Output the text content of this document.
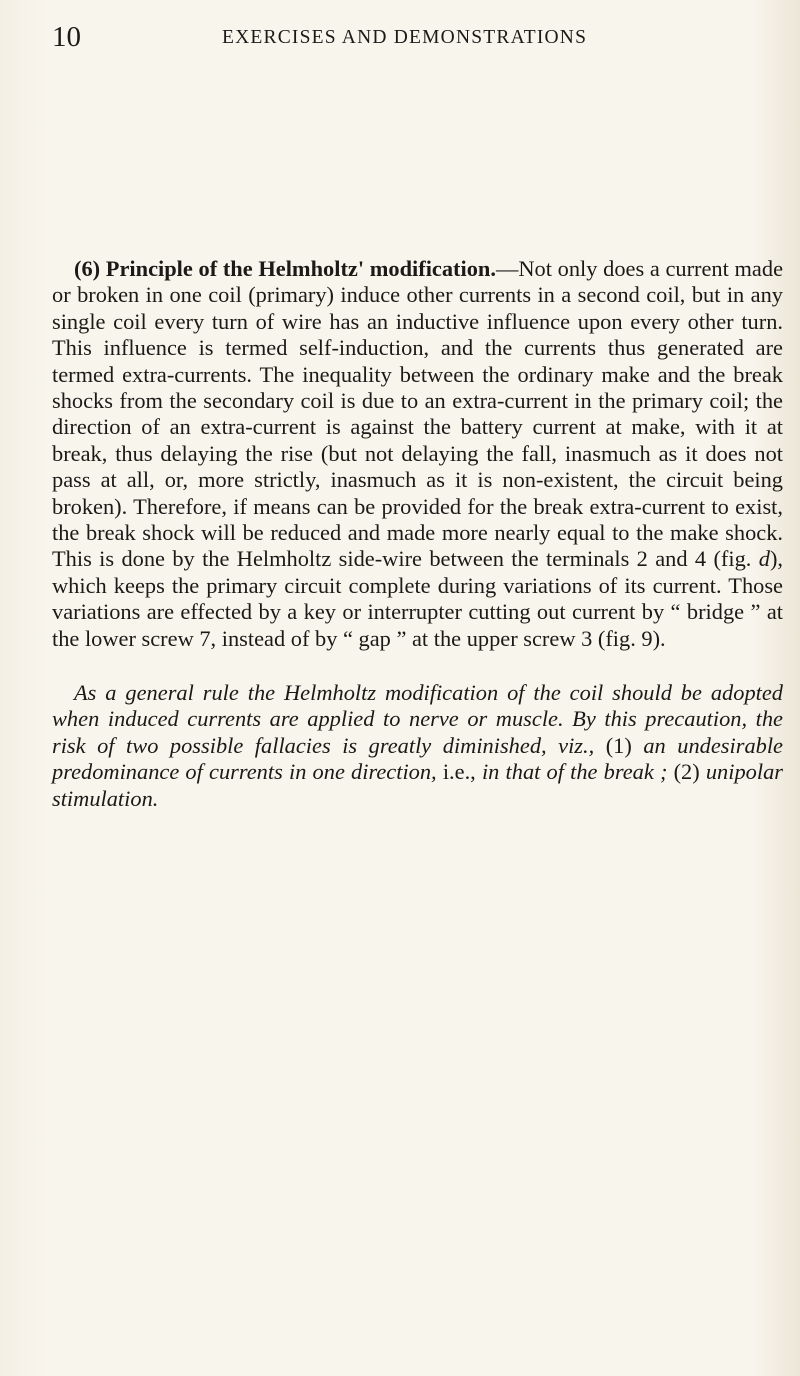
10	EXERCISES AND DEMONSTRATIONS

(6) Principle of the Helmholtz' modification.—Not only does a current made or broken in one coil (primary) induce other currents in a second coil, but in any single coil every turn of wire has an inductive influence upon every other turn. This influence is termed self-induction, and the currents thus generated are termed extra-currents. The inequality between the ordinary make and the break shocks from the secondary coil is due to an extra-current in the primary coil; the direction of an extra-current is against the battery current at make, with it at break, thus delaying the rise (but not delaying the fall, inasmuch as it does not pass at all, or, more strictly, inasmuch as it is non-existent, the circuit being broken). Therefore, if means can be provided for the break extra-current to exist, the break shock will be reduced and made more nearly equal to the make shock. This is done by the Helmholtz side-wire between the terminals 2 and 4 (fig. d), which keeps the primary circuit complete during variations of its current. Those variations are effected by a key or interrupter cutting out current by “ bridge ” at the lower screw 7, instead of by “ gap ” at the upper screw 3 (fig. 9).

As a general rule the Helmholtz modification of the coil should be adopted when induced currents are applied to nerve or muscle. By this precaution, the risk of two possible fallacies is greatly diminished, viz., (1) an undesirable predominance of currents in one direction, i.e., in that of the break ; (2) unipolar stimulation.
